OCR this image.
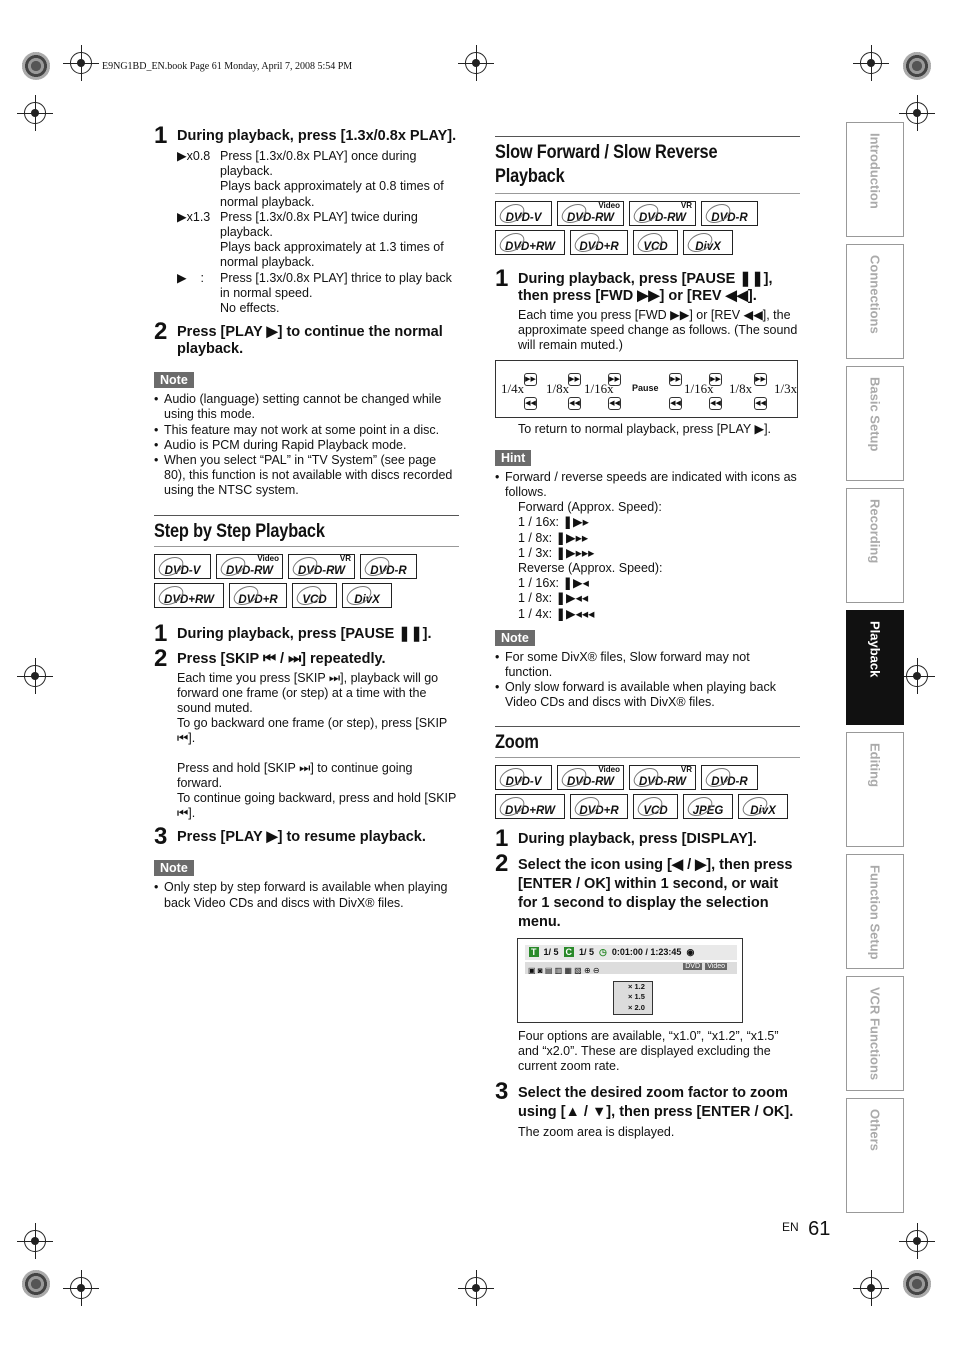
E9NG1BD_EN.book Page 61 Monday, April 7, 2008 5:54 PM
1 During playback, press [1.3x/0.8x PLAY].
▶x0.8 Press [1.3x/0.8x PLAY] once during playback.
Plays back approximately at 0.8 times of normal playback.
▶x1.3 Press [1.3x/0.8x PLAY] twice during playback.
Plays back approximately at 1.3 times of normal playback.
▶ :	Press [1.3x/0.8x PLAY] thrice to play back in normal speed.
No effects.
2 Press [PLAY ▶] to continue the normal playback.
Note
• Audio (language) setting cannot be changed while using this mode.
• This feature may not work at some point in a disc.
• Audio is PCM during Rapid Playback mode.
• When you select “PAL” in “TV System” (see page 80), this function is not available with discs recorded using the NTSC system.
Step by Step Playback
DVD-V
Video
DVD-RW
VR
DVD-RW DVD-R
DVD+RW DVD+R VCD DivX
1 During playback, press [PAUSE ❚❚].
2 Press [SKIP ⏮ / ⏭] repeatedly.
Each time you press [SKIP ⏭], playback will go forward one frame (or step) at a time with the sound muted.
To go backward one frame (or step), press [SKIP ⏮].
Press and hold [SKIP ⏭] to continue going forward.
To continue going backward, press and hold [SKIP ⏮].
3 Press [PLAY ▶] to resume playback.
Note
• Only step by step forward is available when playing back Video CDs and discs with DivX® files.
Slow Forward / Slow Reverse Playback
DVD-V
Video
DVD-RW
VR
DVD-RW DVD-R
DVD+RW DVD+R VCD DivX
1 During playback, press [PAUSE ❚❚], then press [FWD ▶▶] or [REV ◀◀].
Each time you press [FWD ▶▶] or [REV ◀◀], the approximate speed change as follows. (The sound will remain muted.)
1/4x
▶▶
◀◀
1/8x
▶▶
◀◀
1/16x
▶▶
◀◀
Pause
▶▶
◀◀
1/16x
▶▶
◀◀
1/8x
▶▶
◀◀
1/3x
To return to normal playback, press [PLAY ▶].
Hint
• Forward / reverse speeds are indicated with icons as follows.
Forward (Approx. Speed):
1 / 16x: ❚▶▸
1 / 8x: ❚▶▸▸
1 / 3x: ❚▶▸▸▸
Reverse (Approx. Speed):
1 / 16x: ❚▶◂
1 / 8x: ❚▶◂◂
1 / 4x: ❚▶◂◂◂
Note
• For some DivX® files, Slow forward may not function.
• Only slow forward is available when playing back Video CDs and discs with DivX® files.
Zoom
DVD-V
Video
DVD-RW
VR
DVD-RW DVD-R
DVD+RW DVD+R VCD JPEG DivX
1 During playback, press [DISPLAY].
2 Select the icon using [◀ / ▶], then press [ENTER / OK] within 1 second, or wait for 1 second to display the selection menu.
T 1/ 5 C 1/ 5 ◷ 0:01:00 / 1:23:45 ◉
▣ ◙ ▤ ▥ ▦ ▧ ⊕ ⊖	DVD Video
× 1.2
× 1.5
× 2.0
Four options are available, “x1.0”, “x1.2”, “x1.5” and “x2.0”. These are displayed excluding the current zoom rate.
3 Select the desired zoom factor to zoom using [▲ / ▼], then press [ENTER / OK].
The zoom area is displayed.
Introduction
Connections
Basic Setup
Recording
Playback
Editing
Function Setup
VCR Functions
Others
EN 61
